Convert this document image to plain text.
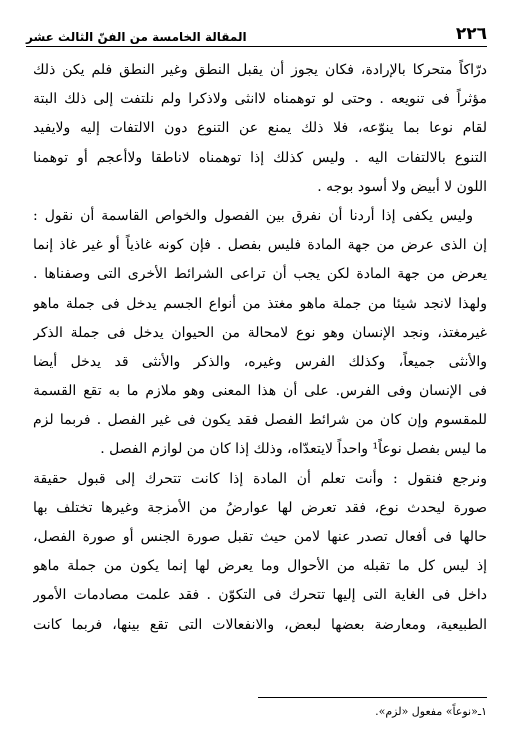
المقالة الخامسة من الفنّ الثالث عشر	٢٢٦
درّاكاً متحركا بالإرادة، فكان يجوز أن يقبل النطق وغير النطق فلم يكن ذلك
مؤثراً فى تنويعه . وحتى لو توهمناه لاانثى ولاذكرا ولم نلتفت إلى ذلك البتة
لقام نوعا بما ينوّعه، فلا ذلك يمنع عن التنوع دون الالتفات إليه ولايفيد
التنوع بالالتفات اليه . وليس كذلك إذا توهمناه لاناطقا ولاأعجم أو توهمنا
اللون لا أبيض ولا أسود بوجه .
وليس يكفى إذا أردنا أن نفرق بين الفصول والخواص القاسمة أن نقول :
إن الذى عرض من جهة المادة فليس بفصل . فإن كونه غاذياً أو غير غاذ إنما
يعرض من جهة المادة لكن يجب أن تراعى الشرائط الأخرى التى وصفناها .
ولهذا لانجد شيئا من جملة ماهو مغتذ من أنواع الجسم يدخل فى جملة ماهو
غيرمغتذ، ونجد الإنسان وهو نوع لامحالة من الحيوان يدخل فى جملة الذكر
والأنثى جميعاً، وكذلك الفرس وغيره، والذكر والأنثى قد يدخل أيضا
فى الإنسان وفى الفرس. على أن هذا المعنى وهو ملازم ما به تقع القسمة
للمقسوم وإن كان من شرائط الفصل فقد يكون فى غير الفصل . فربما لزم
ما ليس بفصل نوعاً¹ واحداً لايتعدّاه، وذلك إذا كان من لوازم الفصل .
ونرجع فنقول : وأنت تعلم أن المادة إذا كانت تتحرك إلى قبول حقيقة
صورة ليحدث نوع، فقد تعرض لها عوارضُ من الأمزجة وغيرها تختلف بها
حالها فى أفعال تصدر عنها لامن حيث تقبل صورة الجنس أو صورة الفصل،
إذ ليس كل ما تقبله من الأحوال وما يعرض لها إنما يكون من جملة ماهو
داخل فى الغاية التى إليها تتحرك فى التكوّن . فقد علمت مصادمات الأمور
الطبيعية، ومعارضة بعضها لبعض، والانفعالات التى تقع بينها، فربما كانت
١ـ«نوعاً» مفعول «لزم».
